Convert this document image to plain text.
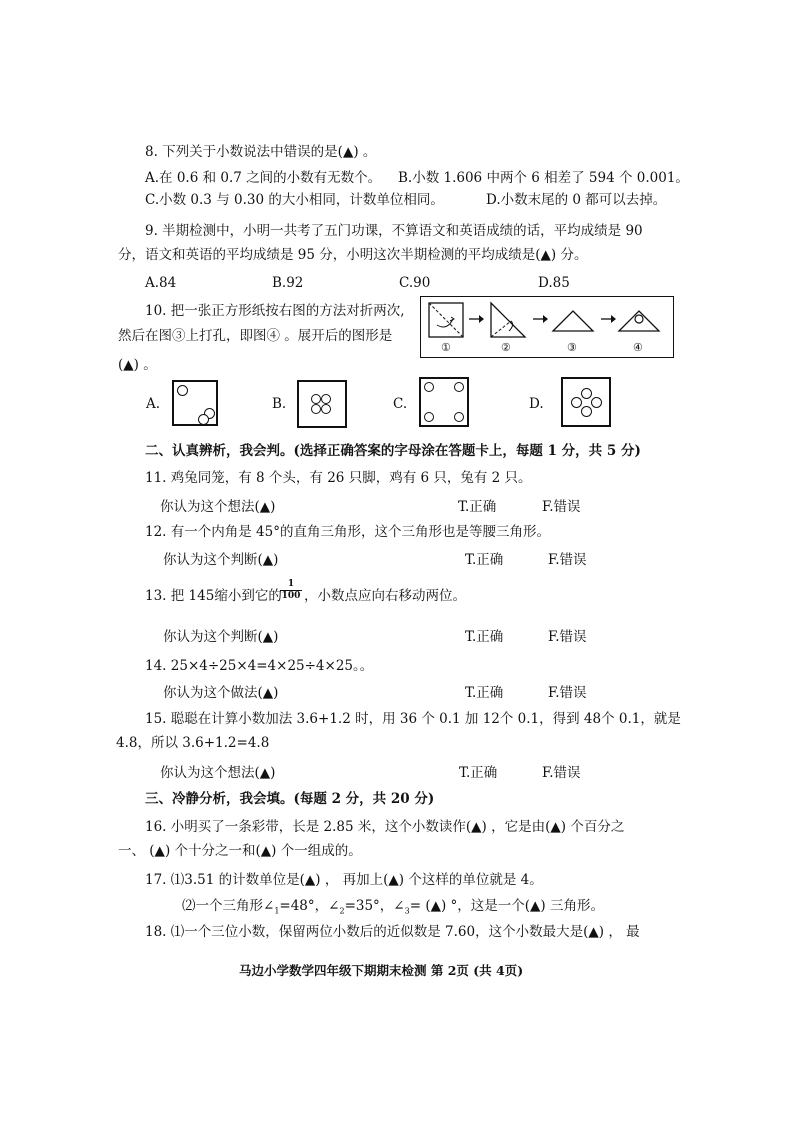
8. 下列关于小数说法中错误的是(▲) 。
A.在 0.6 和 0.7 之间的小数有无数个。 B.小数 1.606 中两个 6 相差了 594 个 0.001。
C.小数 0.3 与 0.30 的大小相同，计数单位相同。	D.小数末尾的 0 都可以去掉。
9. 半期检测中，小明一共考了五门功课，不算语文和英语成绩的话，平均成绩是 90
分，语文和英语的平均成绩是 95 分，小明这次半期检测的平均成绩是(▲) 分。
A.84	B.92	C.90	D.85
10. 把一张正方形纸按右图的方法对折两次,
然后在图③上打孔，即图④ 。展开后的图形是
(▲) 。
①	②	③	④
A.	B.	C.	D.
二、认真辨析，我会判。(选择正确答案的字母涂在答题卡上，每题 1 分，共 5 分)
11. 鸡兔同笼，有 8 个头，有 26 只脚，鸡有 6 只，兔有 2 只。
你认为这个想法(▲)	T.正确	F.错误
12. 有一个内角是 45°的直角三角形，这个三角形也是等腰三角形。
你认为这个判断(▲)	T.正确	F.错误
13. 把 145缩小到它的
1
100 ，小数点应向右移动两位。
你认为这个判断(▲)	T.正确	F.错误
14. 25×4÷25×4=4×25÷4×25。。
你认为这个做法(▲)	T.正确	F.错误
15. 聪聪在计算小数加法 3.6+1.2 时，用 36 个 0.1 加 12个 0.1，得到 48个 0.1，就是
4.8，所以 3.6+1.2=4.8
你认为这个想法(▲)	T.正确	F.错误
三、冷静分析，我会填。(每题 2 分，共 20 分)
16. 小明买了一条彩带，长是 2.85 米，这个小数读作(▲) ，它是由(▲) 个百分之
一、 (▲) 个十分之一和(▲) 个一组成的。
17. ⑴3.51 的计数单位是(▲) ， 再加上(▲) 个这样的单位就是 4。
⑵一个三角形$\angle_1=48^\circ$，$\angle_2=35^\circ$，$\angle_3=$ (▲) °，这是一个(▲) 三角形。
18. ⑴一个三位小数，保留两位小数后的近似数是 7.60，这个小数最大是(▲) ， 最
马边小学数学四年级下期期末检测 第 2页 (共 4页)
